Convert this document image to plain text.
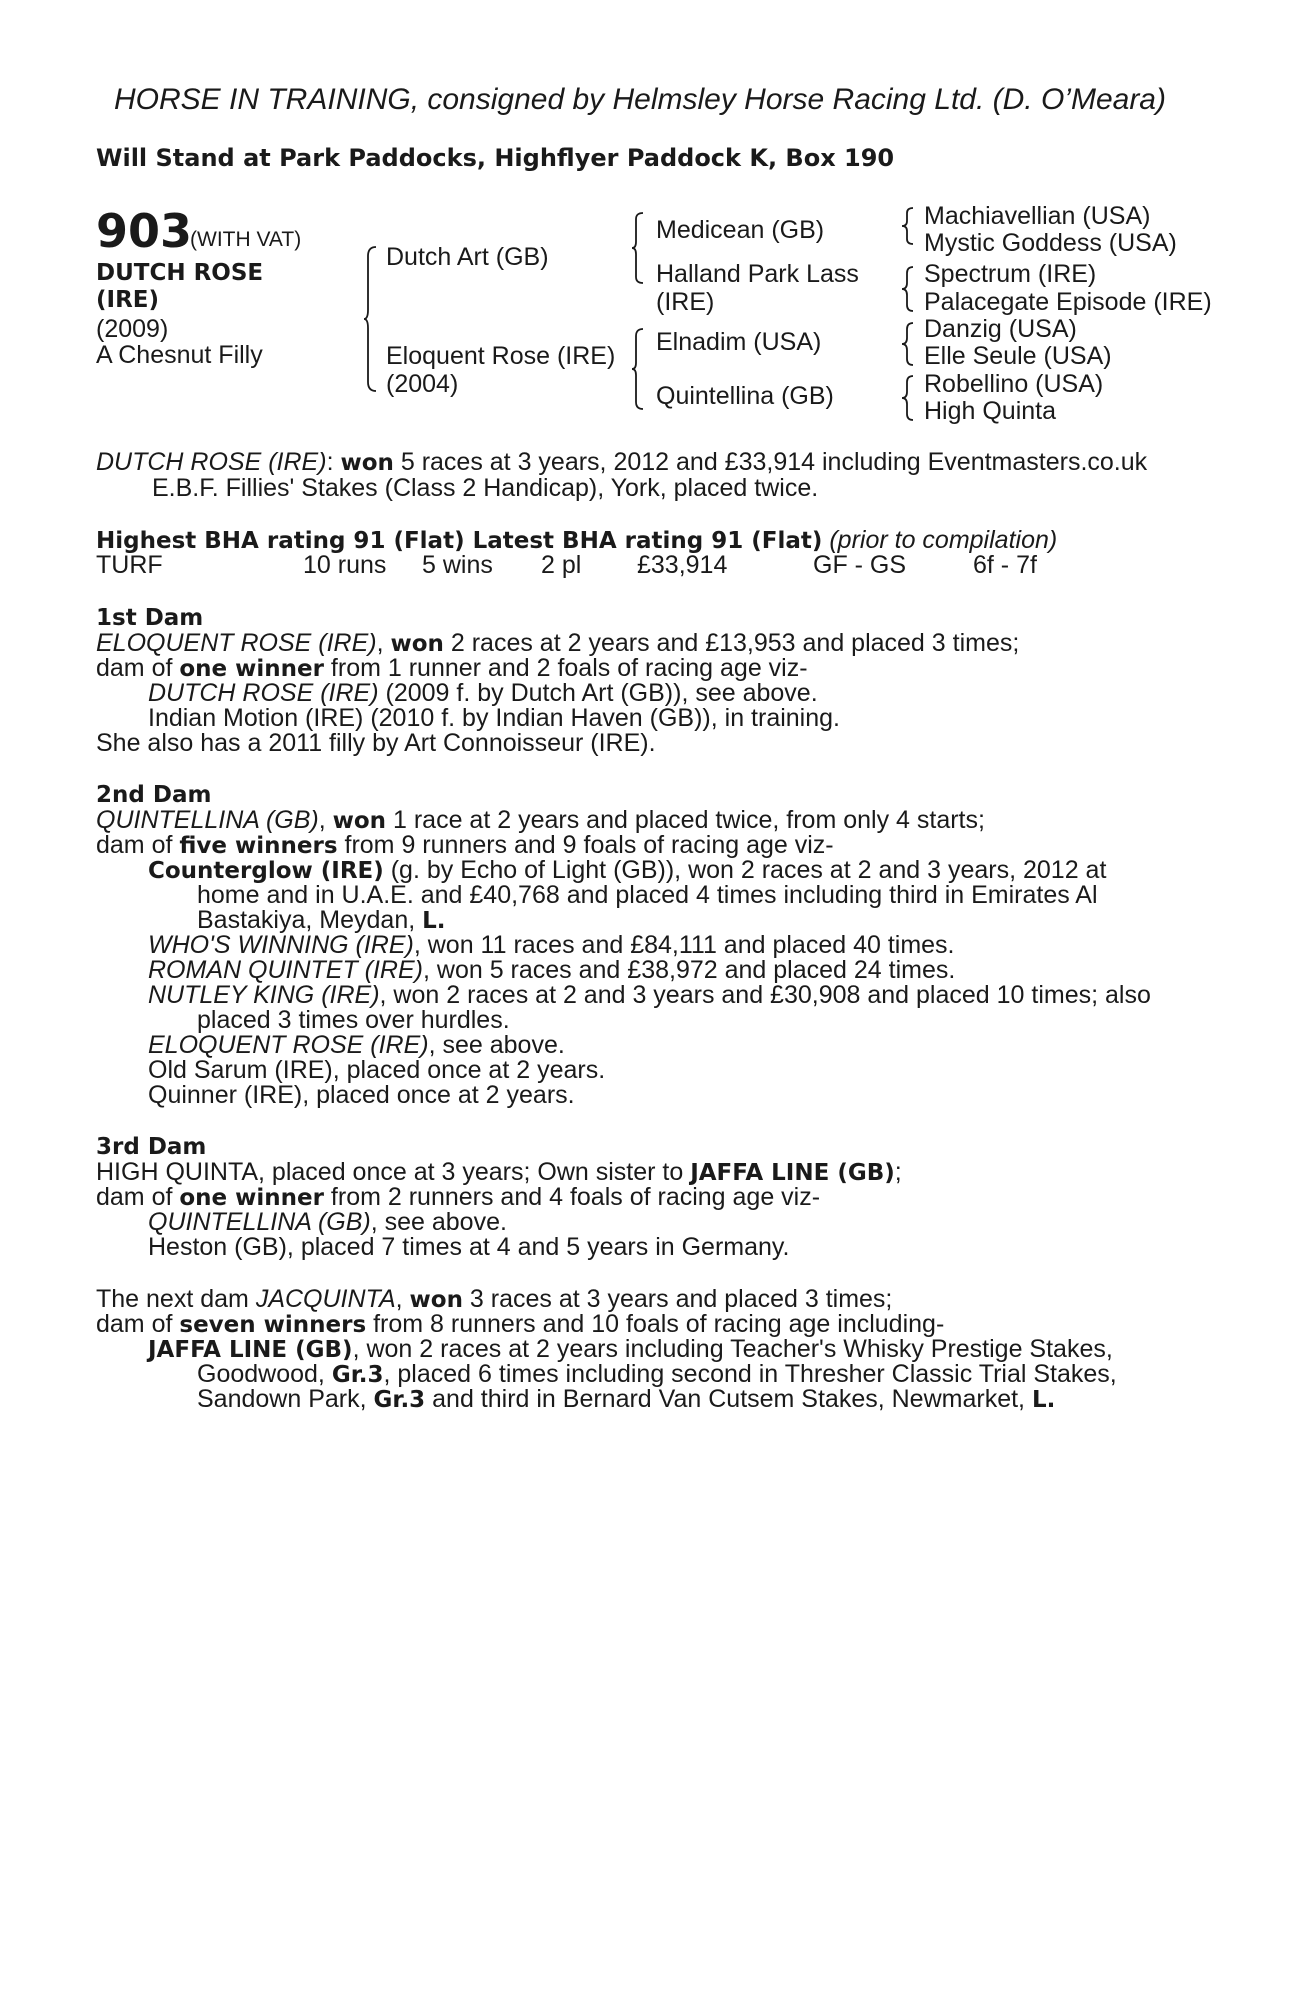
HORSE IN TRAINING, consigned by Helmsley Horse Racing Ltd. (D. O’Meara)
Will Stand at Park Paddocks, Highflyer Paddock K, Box 190
903
(WITH VAT)
DUTCH ROSE
(IRE)
(2009)
A Chesnut Filly
Dutch Art (GB)
Eloquent Rose (IRE)
(2004)
Medicean (GB)
Halland Park Lass
(IRE)
Elnadim (USA)
Quintellina (GB)
Machiavellian (USA)
Mystic Goddess (USA)
Spectrum (IRE)
Palacegate Episode (IRE)
Danzig (USA)
Elle Seule (USA)
Robellino (USA)
High Quinta
DUTCH ROSE (IRE): won 5 races at 3 years, 2012 and £33,914 including Eventmasters.co.uk
E.B.F. Fillies' Stakes (Class 2 Handicap), York, placed twice.
Highest BHA rating 91 (Flat) Latest BHA rating 91 (Flat) (prior to compilation)
TURF	10 runs 5 wins 2 pl £33,914	GF - GS	6f - 7f
1st Dam
ELOQUENT ROSE (IRE), won 2 races at 2 years and £13,953 and placed 3 times;
dam of one winner from 1 runner and 2 foals of racing age viz-
DUTCH ROSE (IRE) (2009 f. by Dutch Art (GB)), see above.
Indian Motion (IRE) (2010 f. by Indian Haven (GB)), in training.
She also has a 2011 filly by Art Connoisseur (IRE).
2nd Dam
QUINTELLINA (GB), won 1 race at 2 years and placed twice, from only 4 starts;
dam of five winners from 9 runners and 9 foals of racing age viz-
Counterglow (IRE) (g. by Echo of Light (GB)), won 2 races at 2 and 3 years, 2012 at
home and in U.A.E. and £40,768 and placed 4 times including third in Emirates Al
Bastakiya, Meydan, L.
WHO'S WINNING (IRE), won 11 races and £84,111 and placed 40 times.
ROMAN QUINTET (IRE), won 5 races and £38,972 and placed 24 times.
NUTLEY KING (IRE), won 2 races at 2 and 3 years and £30,908 and placed 10 times; also
placed 3 times over hurdles.
ELOQUENT ROSE (IRE), see above.
Old Sarum (IRE), placed once at 2 years.
Quinner (IRE), placed once at 2 years.
3rd Dam
HIGH QUINTA, placed once at 3 years; Own sister to JAFFA LINE (GB);
dam of one winner from 2 runners and 4 foals of racing age viz-
QUINTELLINA (GB), see above.
Heston (GB), placed 7 times at 4 and 5 years in Germany.
The next dam JACQUINTA, won 3 races at 3 years and placed 3 times;
dam of seven winners from 8 runners and 10 foals of racing age including-
JAFFA LINE (GB), won 2 races at 2 years including Teacher's Whisky Prestige Stakes,
Goodwood, Gr.3, placed 6 times including second in Thresher Classic Trial Stakes,
Sandown Park, Gr.3 and third in Bernard Van Cutsem Stakes, Newmarket, L.
